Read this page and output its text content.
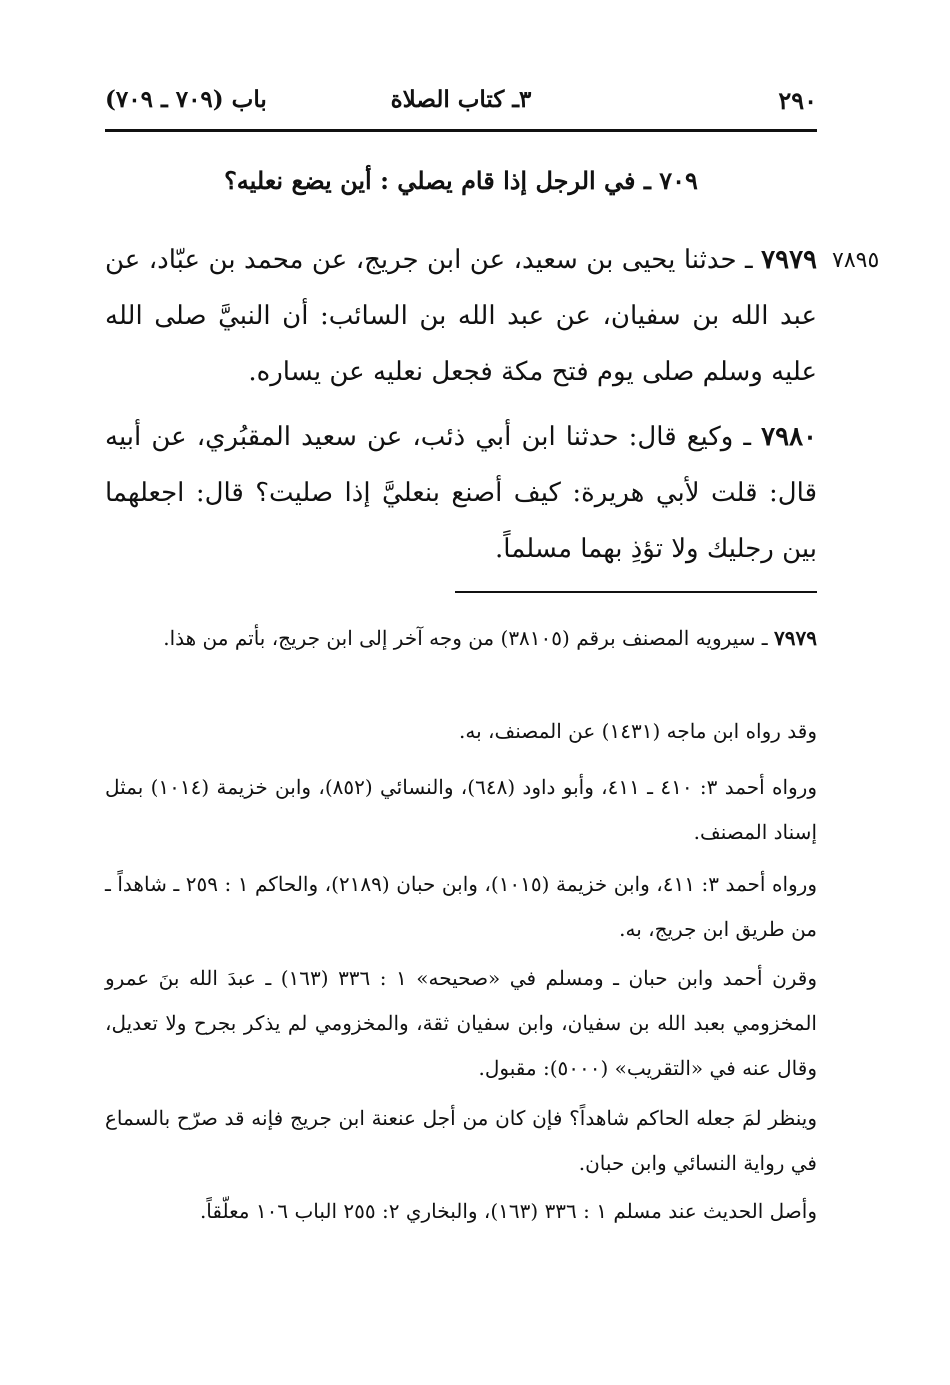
٢٩٠
٣ـ كتاب الصلاة
باب (٧٠٩ ـ ٧٠٩)
٧٠٩ ـ في الرجل إذا قام يصلي : أين يضع نعليه؟
٧٨٩٥
٧٩٧٩ ـ حدثنا يحيى بن سعيد، عن ابن جريج، عن محمد بن عبّاد، عن عبد الله بن سفيان، عن عبد الله بن السائب: أن النبيَّ صلى الله عليه وسلم صلى يوم فتح مكة فجعل نعليه عن يساره.
٧٩٨٠ ـ وكيع قال: حدثنا ابن أبي ذئب، عن سعيد المقبُري، عن أبيه قال: قلت لأبي هريرة: كيف أصنع بنعليَّ إذا صليت؟ قال: اجعلهما بين رجليك ولا تؤذِ بهما مسلماً.
٧٩٧٩ ـ سيرويه المصنف برقم (٣٨١٠٥) من وجه آخر إلى ابن جريج، بأتم من هذا.
وقد رواه ابن ماجه (١٤٣١) عن المصنف، به.
ورواه أحمد ٣: ٤١٠ ـ ٤١١، وأبو داود (٦٤٨)، والنسائي (٨٥٢)، وابن خزيمة (١٠١٤) بمثل إسناد المصنف.
ورواه أحمد ٣: ٤١١، وابن خزيمة (١٠١٥)، وابن حبان (٢١٨٩)، والحاكم ١ : ٢٥٩ ـ شاهداً ـ من طريق ابن جريج، به.
وقرن أحمد وابن حبان ـ ومسلم في «صحيحه» ١ : ٣٣٦ (١٦٣) ـ عبدَ الله بنَ عمرو المخزومي بعبد الله بن سفيان، وابن سفيان ثقة، والمخزومي لم يذكر بجرح ولا تعديل، وقال عنه في «التقريب» (٥٠٠٠): مقبول.
وينظر لمَ جعله الحاكم شاهداً؟ فإن كان من أجل عنعنة ابن جريج فإنه قد صرّح بالسماع في رواية النسائي وابن حبان.
وأصل الحديث عند مسلم ١ : ٣٣٦ (١٦٣)، والبخاري ٢: ٢٥٥ الباب ١٠٦ معلّقاً.
